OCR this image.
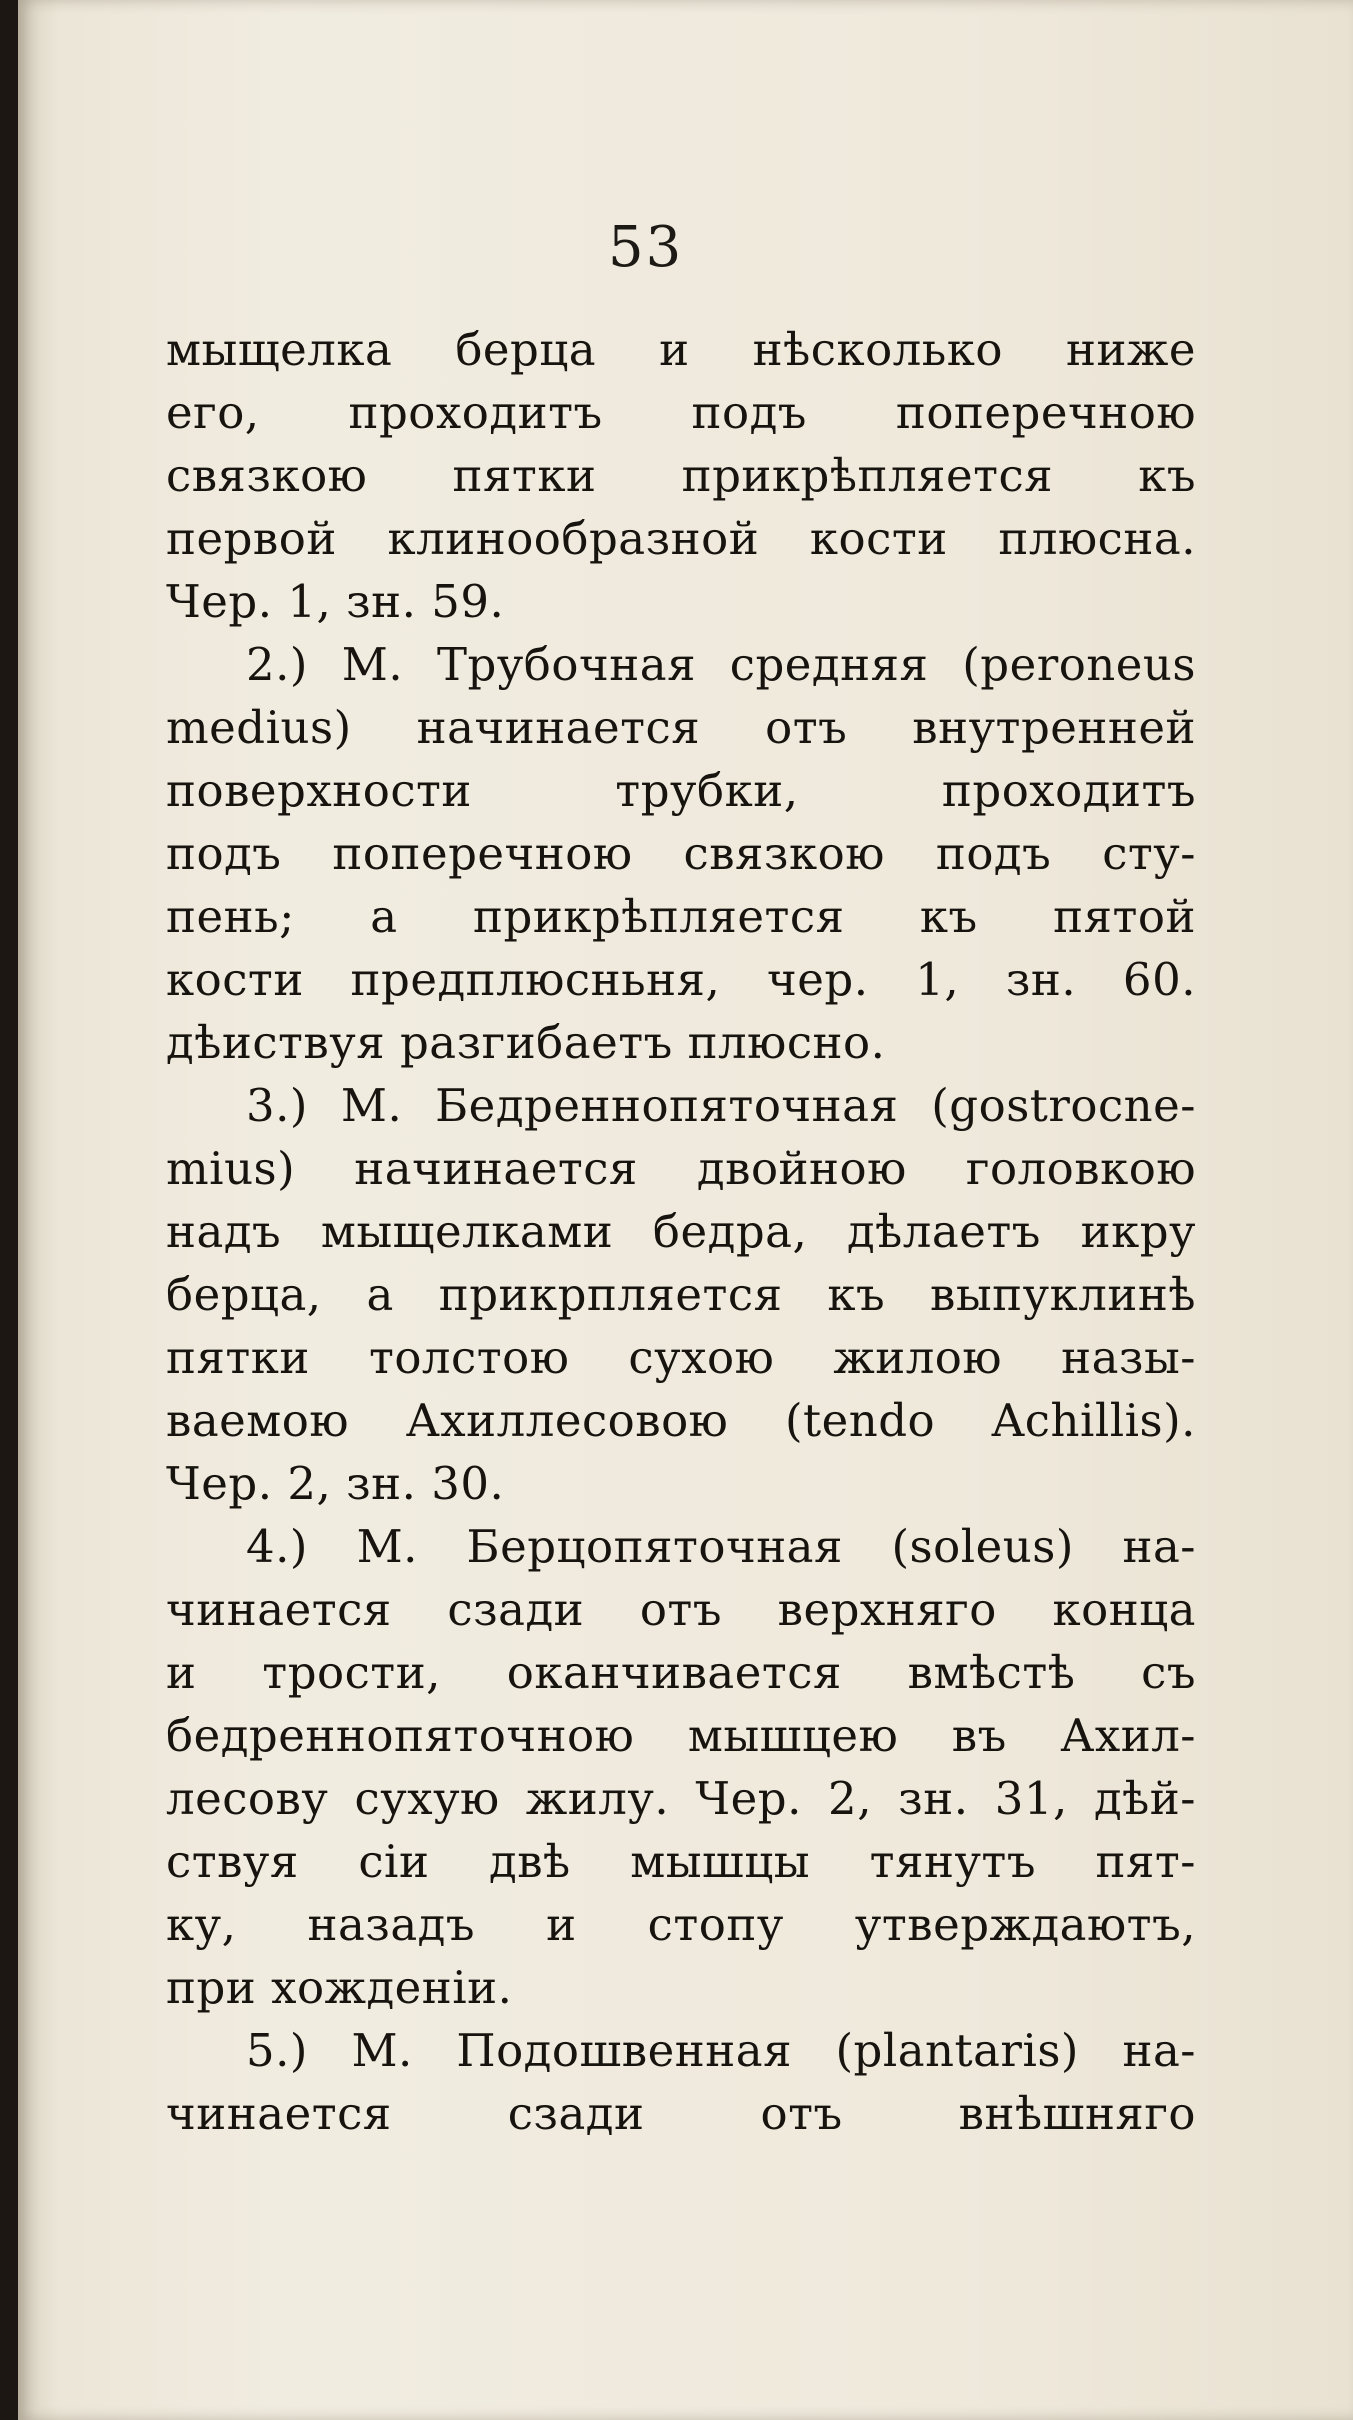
53
мыщелка берца и нѣсколько ниже
его, проходитъ подъ поперечною
связкою пятки прикрѣпляется къ
первой клинообразной кости плюсна.
Чер. 1, зн. 59.
2.) М. Трубочная средняя (peroneus
medius) начинается отъ внутренней
поверхности трубки, проходитъ
подъ поперечною связкою подъ сту-
пень; а прикрѣпляется къ пятой
кости предплюсньня, чер. 1, зн. 60.
дѣиствуя разгибаетъ плюсно.
3.) М. Бедреннопяточная (gostrocne-
mius) начинается двойною головкою
надъ мыщелками бедра, дѣлаетъ икру
берца, а прикрпляется къ выпуклинѣ
пятки толстою сухою жилою назы-
ваемою Ахиллесовою (tendo Achillis).
Чер. 2, зн. 30.
4.) М. Берцопяточная (soleus) на-
чинается сзади отъ верхняго конца
и трости, оканчивается вмѣстѣ съ
бедреннопяточною мышцею въ Ахил-
лесову сухую жилу. Чер. 2, зн. 31, дѣй-
ствуя сiи двѣ мышцы тянутъ пят-
ку, назадъ и стопу утверждаютъ,
при хожденiи.
5.) М. Подошвенная (plantaris) на-
чинается сзади отъ внѣшняго
